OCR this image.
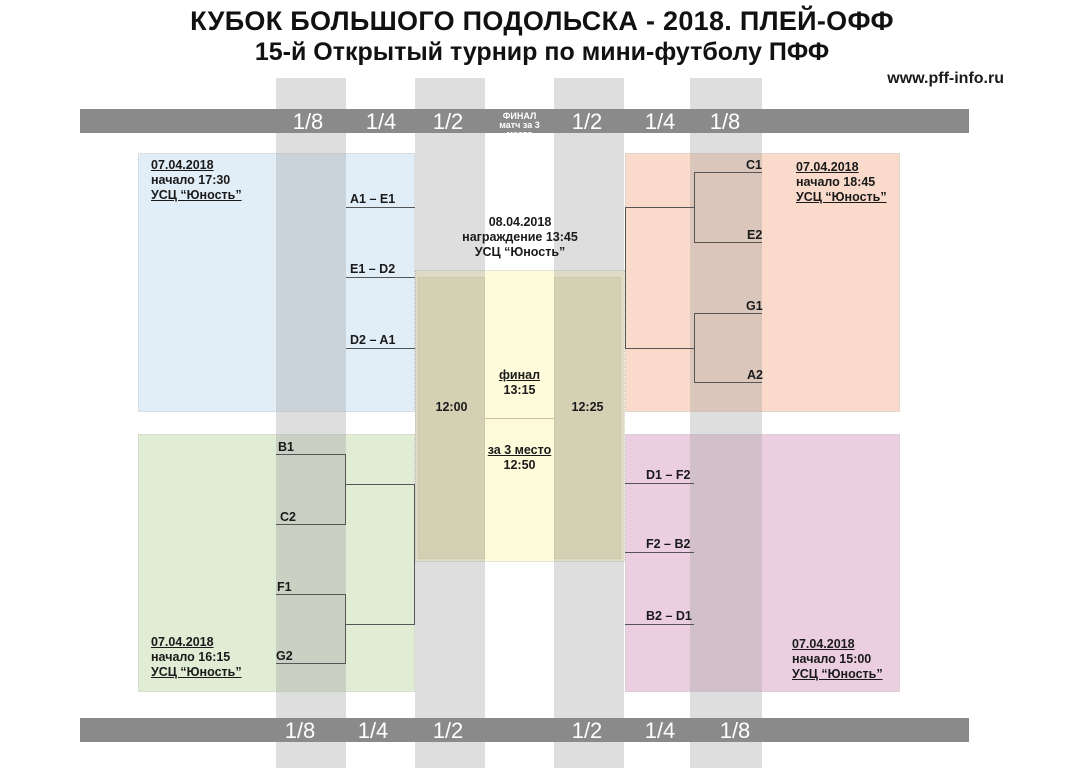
КУБОК БОЛЬШОГО ПОДОЛЬСКА - 2018. ПЛЕЙ-ОФФ
15-й Открытый турнир по мини-футболу ПФФ
www.pff-info.ru
1/8	1/4	1/2	ФИНАЛ
матч за 3 место	1/2	1/4	1/8
1/8	1/4	1/2	1/2	1/4	1/8
07.04.2018
начало 17:30
УСЦ “Юность”
07.04.2018
начало 18:45
УСЦ “Юность”
07.04.2018
начало 16:15
УСЦ “Юность”
07.04.2018
начало 15:00
УСЦ “Юность”
08.04.2018
награждение 13:45
УСЦ “Юность”
A1 – E1
E1 – D2
D2 – A1
B1
C2
F1
G2
C1
E2
G1
A2
D1 – F2
F2 – B2
B2 – D1
12:00	12:25
финал
13:15
за 3 место
12:50
